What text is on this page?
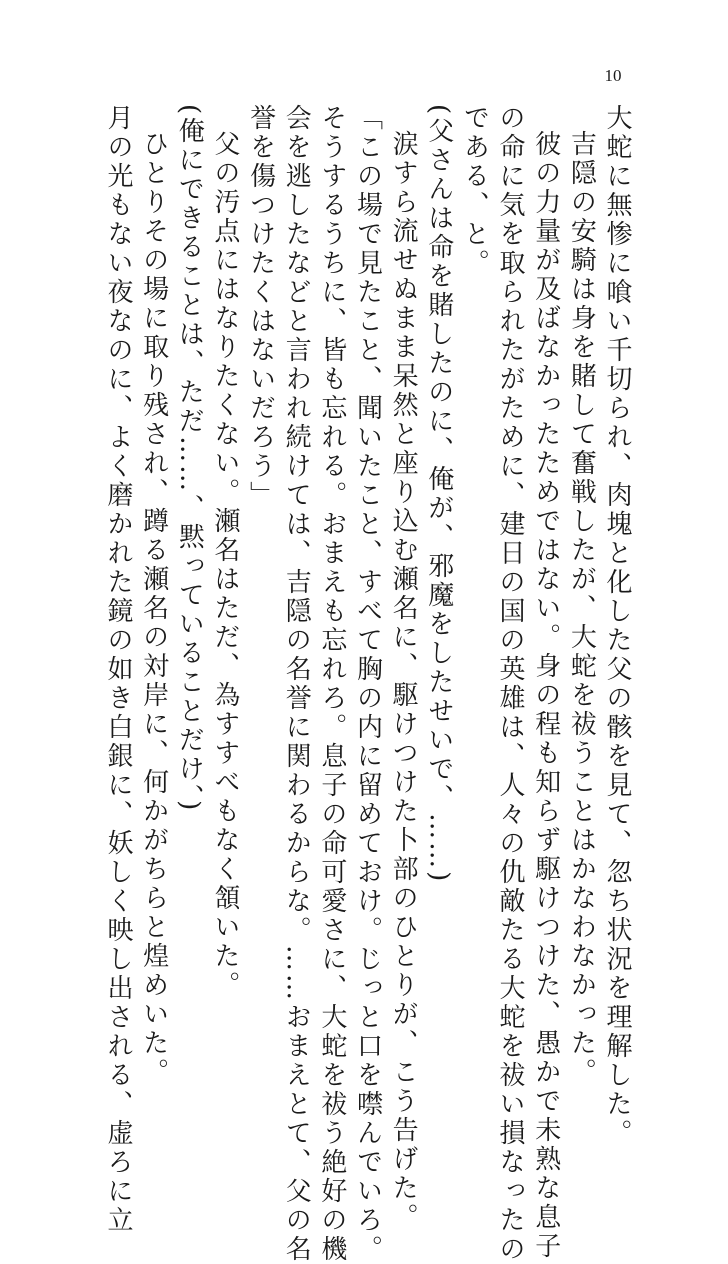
10
大蛇に無惨に喰い千切られ、肉塊と化した父の骸を見て、忽ち状況を理解した。
吉隠の安騎は身を賭して奮戦したが、大蛇を祓うことはかなわなかった。
彼の力量が及ばなかったためではない。身の程も知らず駆けつけた、愚かで未熟な息子
の命に気を取られたがために、建日の国の英雄は、人々の仇敵たる大蛇を祓い損なったの
である、と。
(父さんは命を賭したのに、俺が、邪魔をしたせいで、……)
涙すら流せぬまま呆然と座り込む瀬名に、駆けつけた卜部のひとりが、こう告げた。
「この場で見たこと、聞いたこと、すべて胸の内に留めておけ。じっと口を噤んでいろ。
そうするうちに、皆も忘れる。おまえも忘れろ。息子の命可愛さに、大蛇を祓う絶好の機
会を逃したなどと言われ続けては、吉隠の名誉に関わるからな。……おまえとて、父の名
誉を傷つけたくはないだろう」
父の汚点にはなりたくない。瀬名はただ、為すすべもなく頷いた。
(俺にできることは、ただ……、黙っていることだけ、)
ひとりその場に取り残され、蹲る瀬名の対岸に、何かがちらと煌めいた。
月の光もない夜なのに、よく磨かれた鏡の如き白銀に、妖しく映し出される、虚ろに立
